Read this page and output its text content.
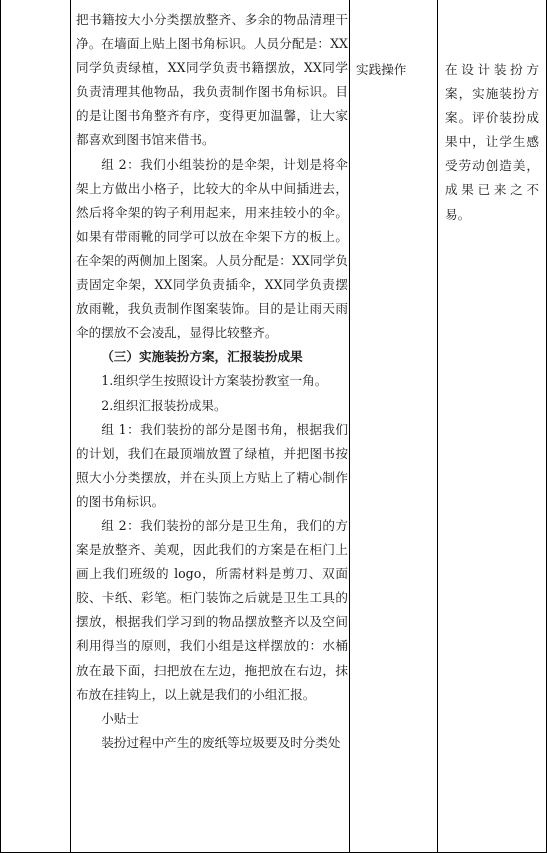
把书籍按大小分类摆放整齐、多余的物品清理干净。在墙面上贴上图书角标识。人员分配是：XX同学负责绿植，XX同学负责书籍摆放，XX同学负责清理其他物品，我负责制作图书角标识。目的是让图书角整齐有序，变得更加温馨，让大家都喜欢到图书馆来借书。

组 2：我们小组装扮的是伞架，计划是将伞架上方做出小格子，比较大的伞从中间插进去，然后将伞架的钩子利用起来，用来挂较小的伞。如果有带雨靴的同学可以放在伞架下方的板上。在伞架的两侧加上图案。人员分配是：XX同学负责固定伞架，XX同学负责插伞，XX同学负责摆放雨靴，我负责制作图案装饰。目的是让雨天雨伞的摆放不会凌乱，显得比较整齐。

（三）实施装扮方案，汇报装扮成果

1.组织学生按照设计方案装扮教室一角。

2.组织汇报装扮成果。

组 1：我们装扮的部分是图书角，根据我们的计划，我们在最顶端放置了绿植，并把图书按照大小分类摆放，并在头顶上方贴上了精心制作的图书角标识。

组 2：我们装扮的部分是卫生角，我们的方案是放整齐、美观，因此我们的方案是在柜门上画上我们班级的 logo，所需材料是剪刀、双面胶、卡纸、彩笔。柜门装饰之后就是卫生工具的摆放，根据我们学习到的物品摆放整齐以及空间利用得当的原则，我们小组是这样摆放的：水桶放在最下面，扫把放在左边，拖把放在右边，抹布放在挂钩上，以上就是我们的小组汇报。

小贴士

装扮过程中产生的废纸等垃圾要及时分类处

实践操作	在设计装扮方案，实施装扮方案。评价装扮成果中，让学生感受劳动创造美，成果已来之不易。
